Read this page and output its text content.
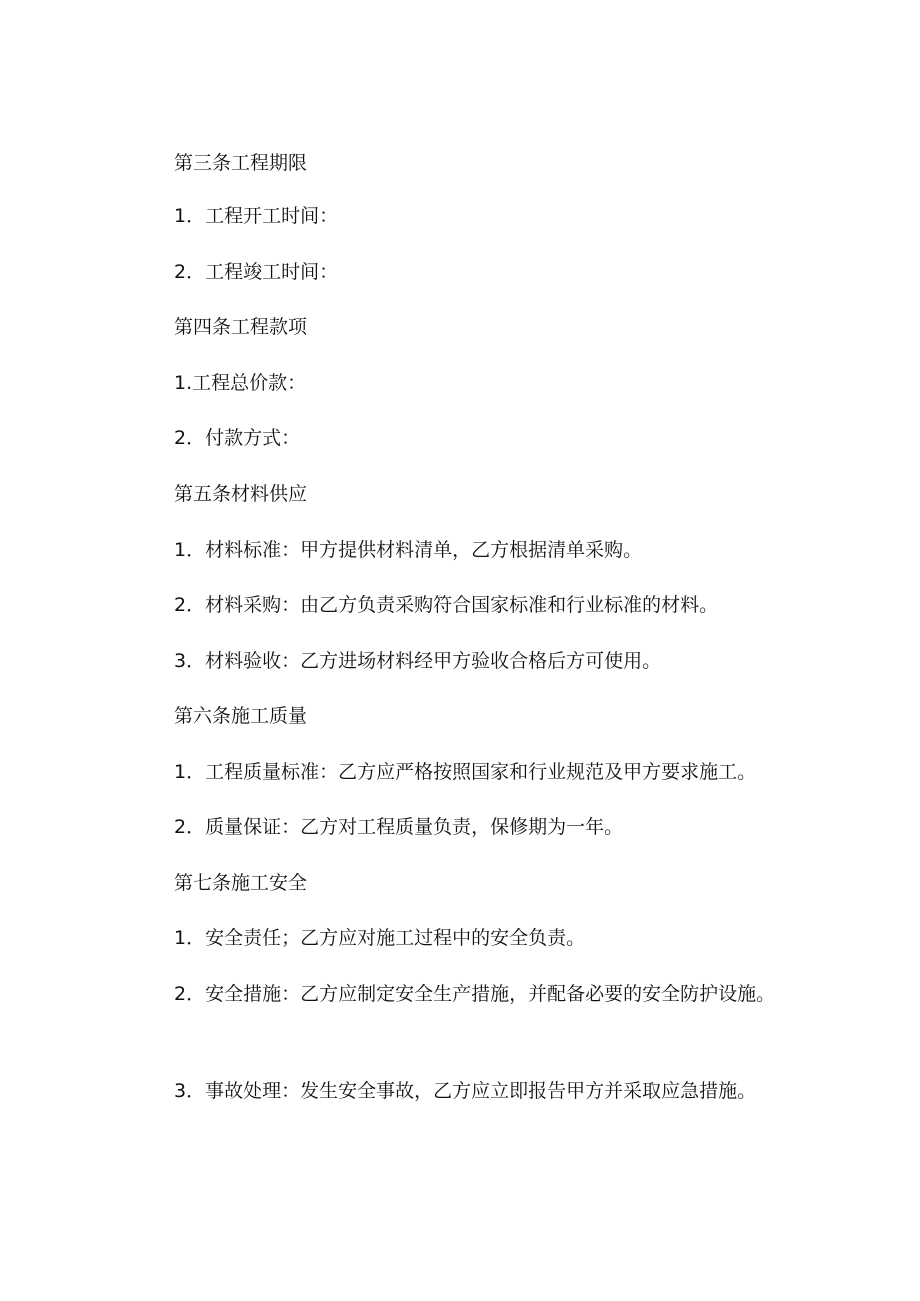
第三条工程期限
1．工程开工时间：
2．工程竣工时间：
第四条工程款项
1.工程总价款：
2．付款方式：
第五条材料供应
1．材料标准：甲方提供材料清单，乙方根据清单采购。
2．材料采购：由乙方负责采购符合国家标准和行业标准的材料。
3．材料验收：乙方进场材料经甲方验收合格后方可使用。
第六条施工质量
1．工程质量标准：乙方应严格按照国家和行业规范及甲方要求施工。
2．质量保证：乙方对工程质量负责，保修期为一年。
第七条施工安全
1．安全责任；乙方应对施工过程中的安全负责。
2．安全措施：乙方应制定安全生产措施，并配备必要的安全防护设施。
3．事故处理：发生安全事故，乙方应立即报告甲方并采取应急措施。
